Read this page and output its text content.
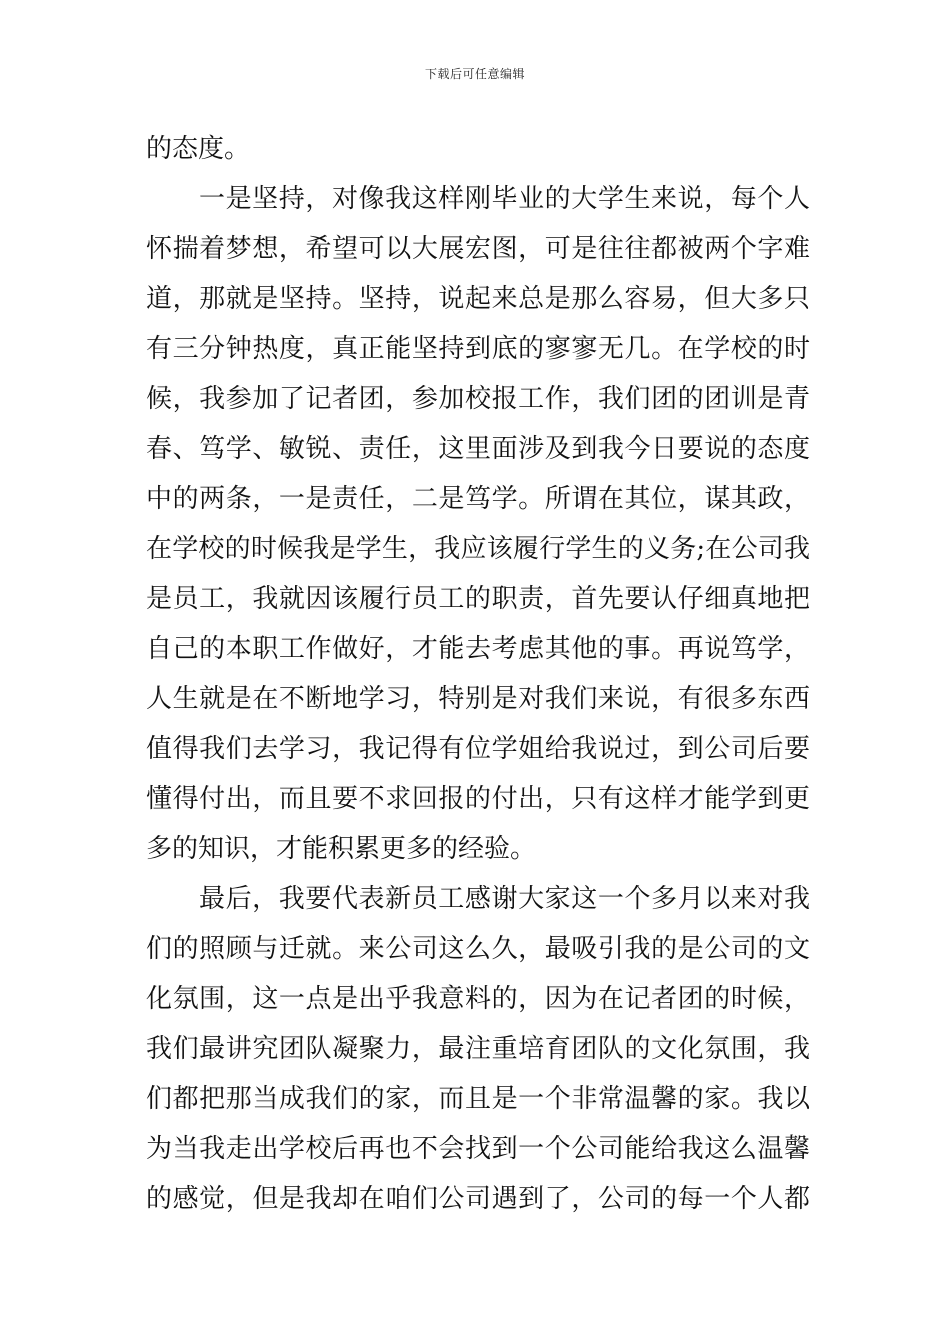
下载后可任意编辑
的态度。
一是坚持，对像我这样刚毕业的大学生来说，每个人
怀揣着梦想，希望可以大展宏图，可是往往都被两个字难
道，那就是坚持。坚持，说起来总是那么容易，但大多只
有三分钟热度，真正能坚持到底的寥寥无几。在学校的时
候，我参加了记者团，参加校报工作，我们团的团训是青
春、笃学、敏锐、责任，这里面涉及到我今日要说的态度
中的两条，一是责任，二是笃学。所谓在其位，谋其政，
在学校的时候我是学生，我应该履行学生的义务;在公司我
是员工，我就因该履行员工的职责，首先要认仔细真地把
自己的本职工作做好，才能去考虑其他的事。再说笃学，
人生就是在不断地学习，特别是对我们来说，有很多东西
值得我们去学习，我记得有位学姐给我说过，到公司后要
懂得付出，而且要不求回报的付出，只有这样才能学到更
多的知识，才能积累更多的经验。
最后，我要代表新员工感谢大家这一个多月以来对我
们的照顾与迁就。来公司这么久，最吸引我的是公司的文
化氛围，这一点是出乎我意料的，因为在记者团的时候，
我们最讲究团队凝聚力，最注重培育团队的文化氛围，我
们都把那当成我们的家，而且是一个非常温馨的家。我以
为当我走出学校后再也不会找到一个公司能给我这么温馨
的感觉，但是我却在咱们公司遇到了，公司的每一个人都
